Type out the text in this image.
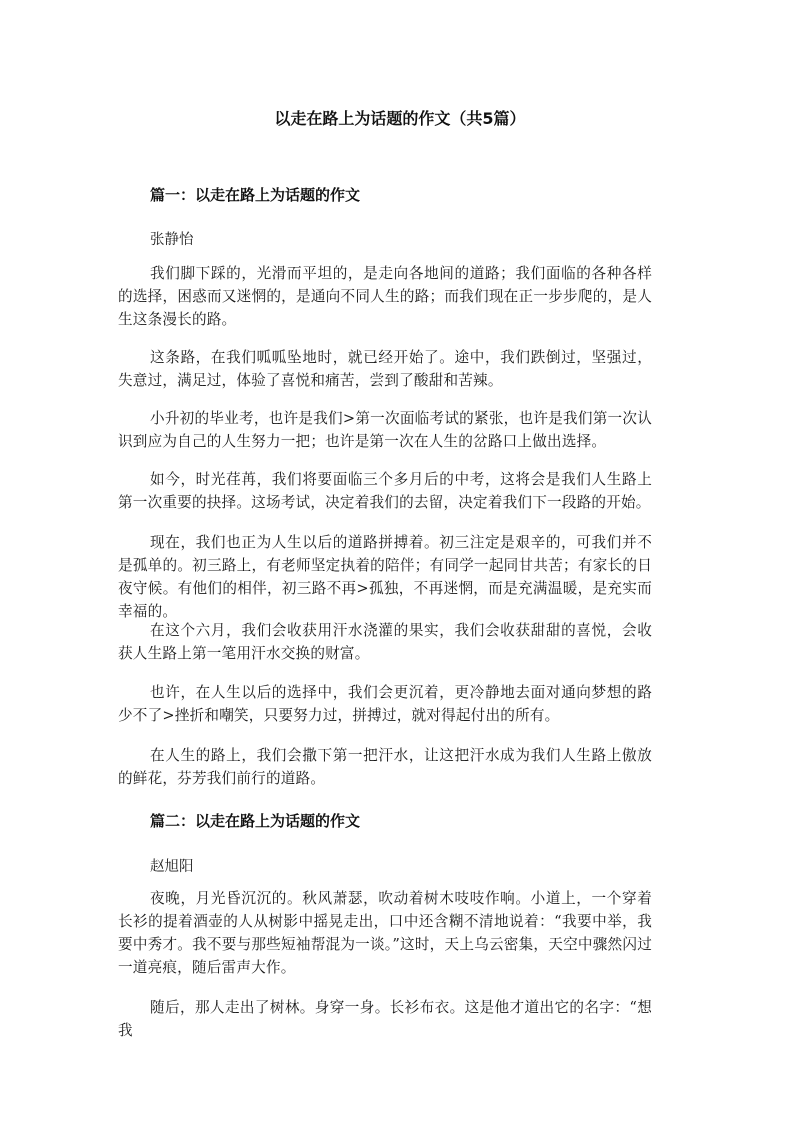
以走在路上为话题的作文（共5篇）
篇一：以走在路上为话题的作文
张静怡

我们脚下踩的，光滑而平坦的，是走向各地间的道路；我们面临的各种各样的选择，困惑而又迷惘的，是通向不同人生的路；而我们现在正一步步爬的，是人生这条漫长的路。

这条路，在我们呱呱坠地时，就已经开始了。途中，我们跌倒过，坚强过，失意过，满足过，体验了喜悦和痛苦，尝到了酸甜和苦辣。

小升初的毕业考，也许是我们>第一次面临考试的紧张，也许是我们第一次认识到应为自己的人生努力一把；也许是第一次在人生的岔路口上做出选择。

如今，时光荏苒，我们将要面临三个多月后的中考，这将会是我们人生路上第一次重要的抉择。这场考试，决定着我们的去留，决定着我们下一段路的开始。

现在，我们也正为人生以后的道路拼搏着。初三注定是艰辛的，可我们并不是孤单的。初三路上，有老师坚定执着的陪伴；有同学一起同甘共苦；有家长的日夜守候。有他们的相伴，初三路不再>孤独，不再迷惘，而是充满温暖，是充实而幸福的。

在这个六月，我们会收获用汗水浇灌的果实，我们会收获甜甜的喜悦，会收获人生路上第一笔用汗水交换的财富。

也许，在人生以后的选择中，我们会更沉着，更冷静地去面对通向梦想的路少不了>挫折和嘲笑，只要努力过，拼搏过，就对得起付出的所有。

在人生的路上，我们会撒下第一把汗水，让这把汗水成为我们人生路上傲放的鲜花，芬芳我们前行的道路。

篇二：以走在路上为话题的作文
赵旭阳

夜晚，月光昏沉沉的。秋风萧瑟，吹动着树木吱吱作响。小道上，一个穿着长衫的提着酒壶的人从树影中摇晃走出，口中还含糊不清地说着：“我要中举，我要中秀才。我不要与那些短袖帮混为一谈。”这时，天上乌云密集，天空中骤然闪过一道亮痕，随后雷声大作。

随后，那人走出了树林。身穿一身。长衫布衣。这是他才道出它的名字：“想我
